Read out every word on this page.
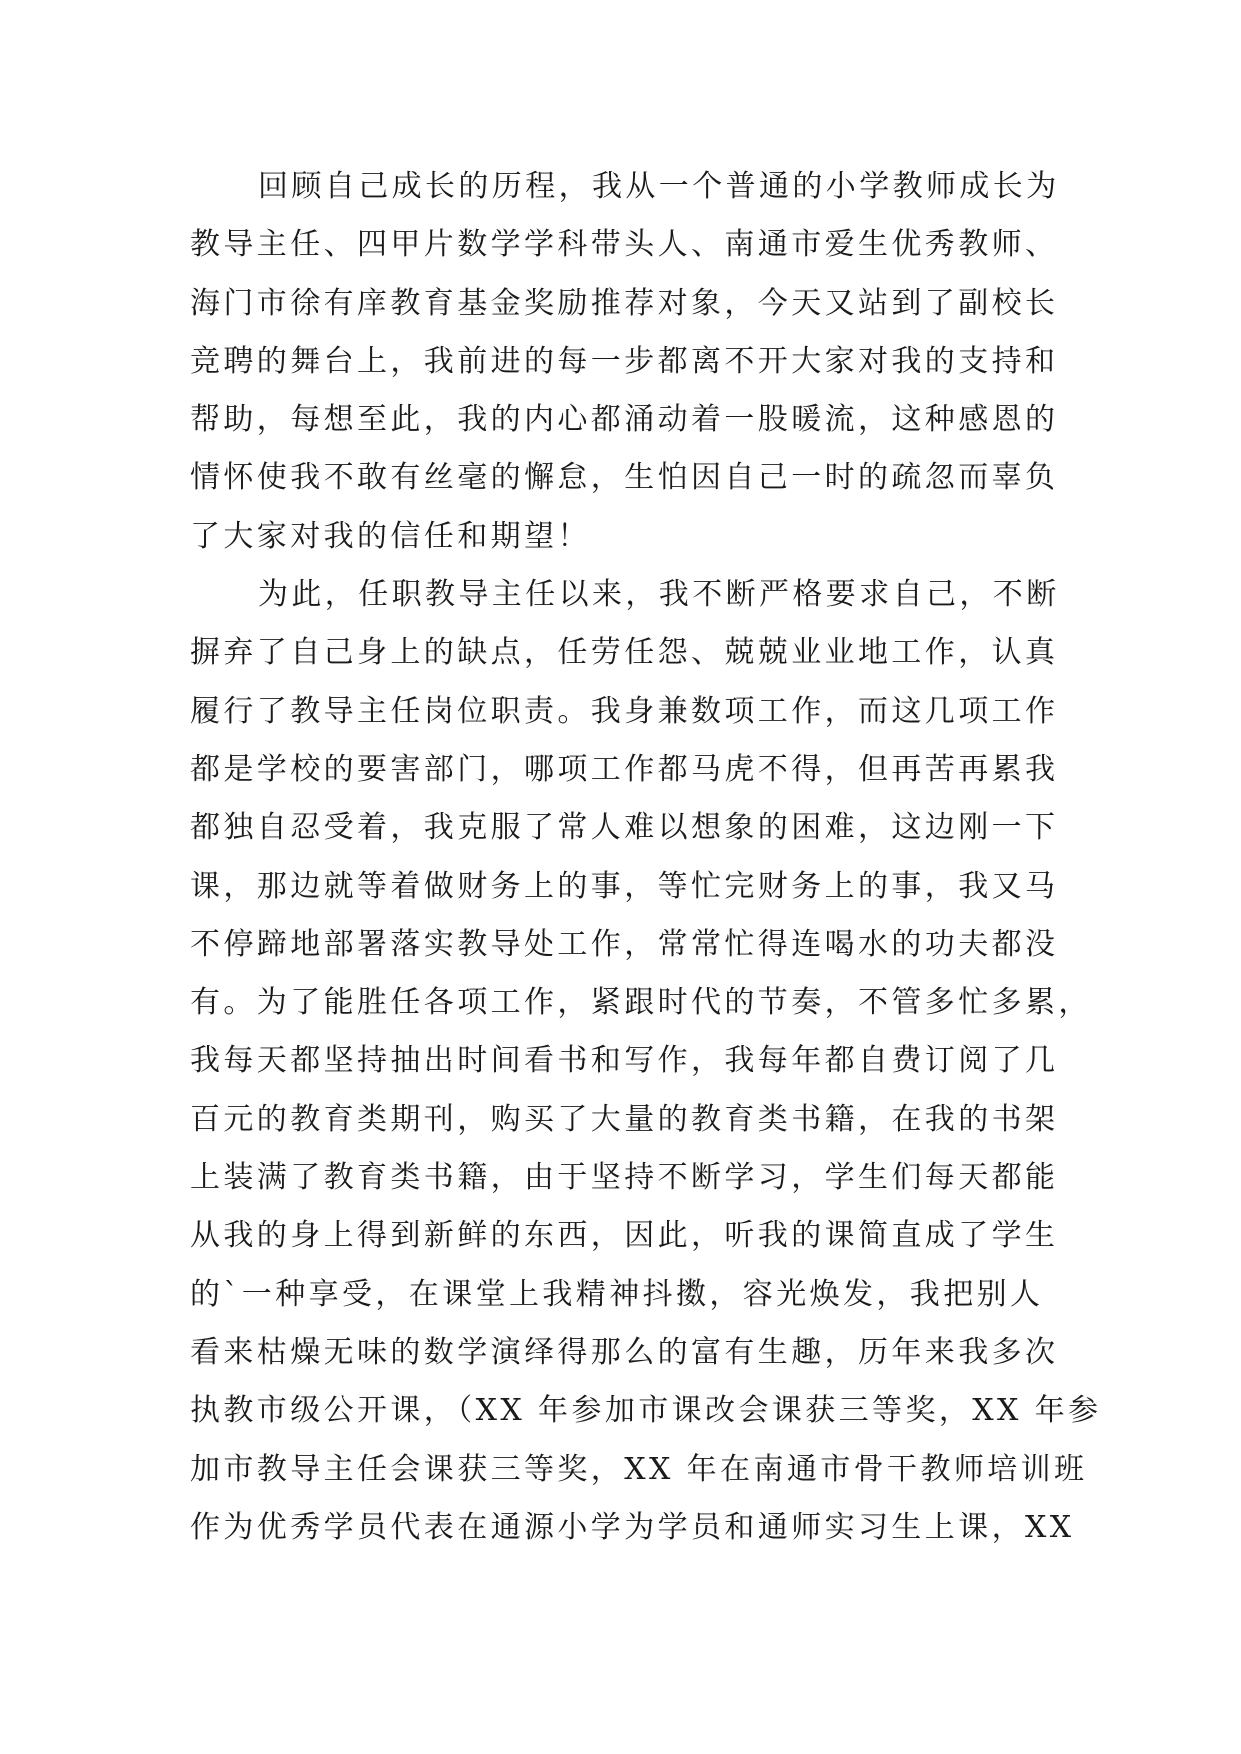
回顾自己成长的历程，我从一个普通的小学教师成长为
教导主任、四甲片数学学科带头人、南通市爱生优秀教师、
海门市徐有庠教育基金奖励推荐对象，今天又站到了副校长
竞聘的舞台上，我前进的每一步都离不开大家对我的支持和
帮助，每想至此，我的内心都涌动着一股暖流，这种感恩的
情怀使我不敢有丝毫的懈怠，生怕因自己一时的疏忽而辜负
了大家对我的信任和期望！
为此，任职教导主任以来，我不断严格要求自己，不断
摒弃了自己身上的缺点，任劳任怨、兢兢业业地工作，认真
履行了教导主任岗位职责。我身兼数项工作，而这几项工作
都是学校的要害部门，哪项工作都马虎不得，但再苦再累我
都独自忍受着，我克服了常人难以想象的困难，这边刚一下
课，那边就等着做财务上的事，等忙完财务上的事，我又马
不停蹄地部署落实教导处工作，常常忙得连喝水的功夫都没
有。为了能胜任各项工作，紧跟时代的节奏，不管多忙多累，
我每天都坚持抽出时间看书和写作，我每年都自费订阅了几
百元的教育类期刊，购买了大量的教育类书籍，在我的书架
上装满了教育类书籍，由于坚持不断学习，学生们每天都能
从我的身上得到新鲜的东西，因此，听我的课简直成了学生
的`一种享受，在课堂上我精神抖擞，容光焕发，我把别人
看来枯燥无味的数学演绎得那么的富有生趣，历年来我多次
执教市级公开课，（XX 年参加市课改会课获三等奖，XX 年参
加市教导主任会课获三等奖，XX 年在南通市骨干教师培训班
作为优秀学员代表在通源小学为学员和通师实习生上课，XX
